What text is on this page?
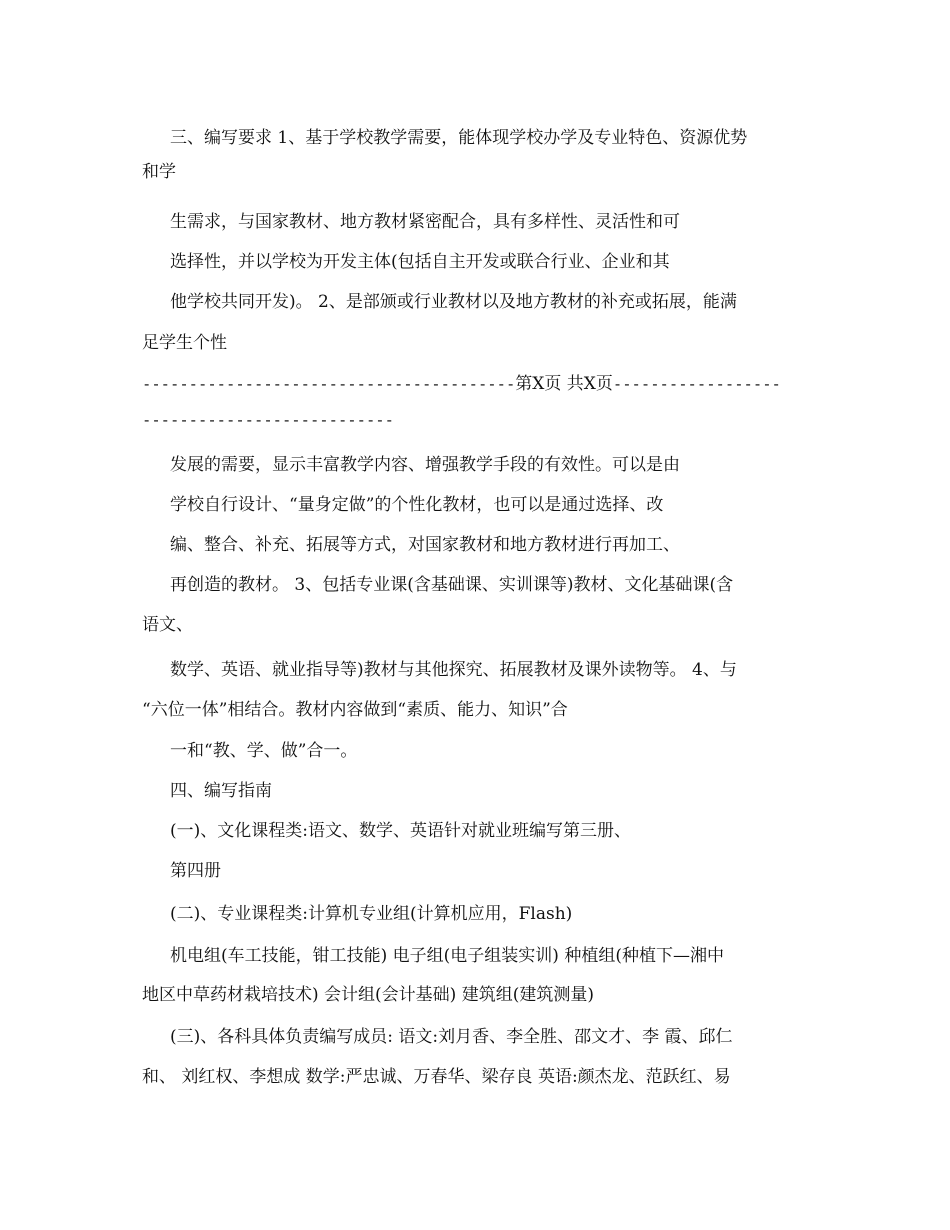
三、编写要求 1、基于学校教学需要，能体现学校办学及专业特色、资源优势
和学
生需求，与国家教材、地方教材紧密配合，具有多样性、灵活性和可
选择性，并以学校为开发主体(包括自主开发或联合行业、企业和其
他学校共同开发)。 2、是部颁或行业教材以及地方教材的补充或拓展，能满
足学生个性
----------------------------------------第X页 共X页------------------
---------------------------
发展的需要，显示丰富教学内容、增强教学手段的有效性。可以是由
学校自行设计、“量身定做”的个性化教材，也可以是通过选择、改
编、整合、补充、拓展等方式，对国家教材和地方教材进行再加工、
再创造的教材。 3、包括专业课(含基础课、实训课等)教材、文化基础课(含
语文、
数学、英语、就业指导等)教材与其他探究、拓展教材及课外读物等。 4、与
“六位一体”相结合。教材内容做到“素质、能力、知识”合
一和“教、学、做”合一。
四、编写指南
(一)、文化课程类:语文、数学、英语针对就业班编写第三册、
第四册
(二)、专业课程类:计算机专业组(计算机应用，Flash)
机电组(车工技能，钳工技能) 电子组(电子组装实训) 种植组(种植下—湘中
地区中草药材栽培技术) 会计组(会计基础) 建筑组(建筑测量)
(三)、各科具体负责编写成员: 语文:刘月香、李全胜、邵文才、李 霞、邱仁
和、 刘红权、李想成 数学:严忠诚、万春华、梁存良 英语:颜杰龙、范跃红、易
